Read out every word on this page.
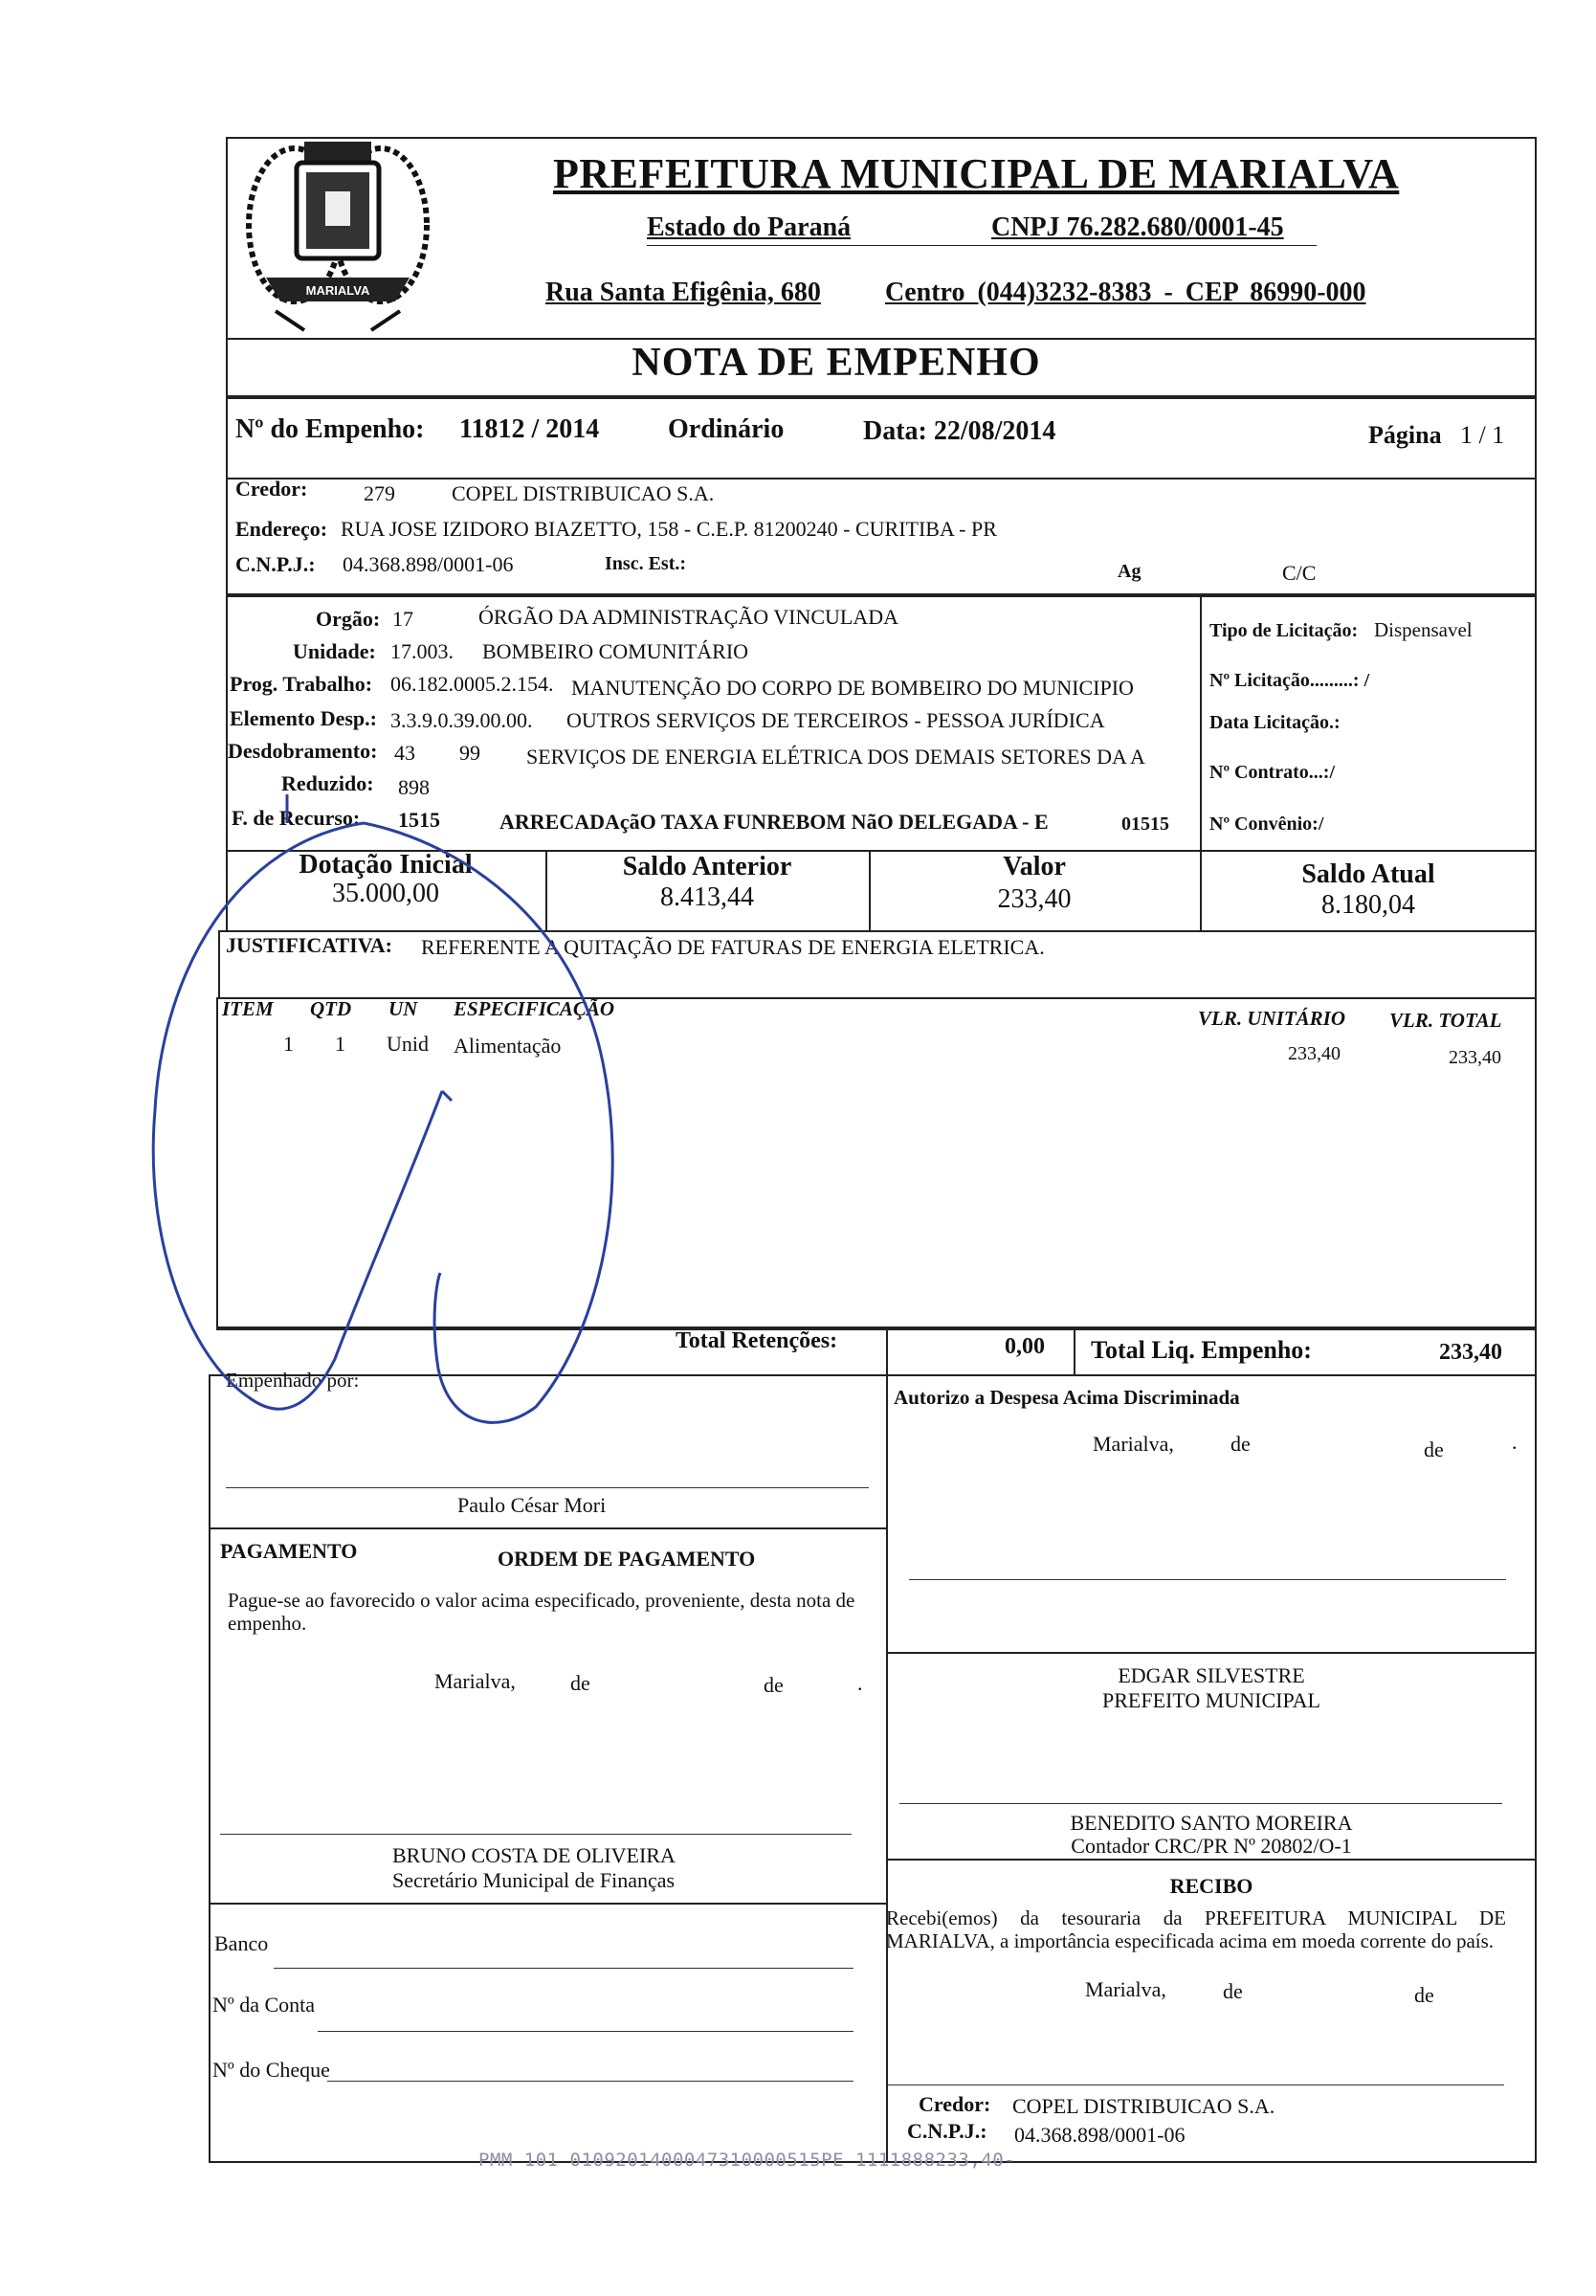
MARIALVA
PREFEITURA MUNICIPAL DE MARIALVA
Estado do Paraná	CNPJ 76.282.680/0001-45
Rua Santa Efigênia, 680 Centro (044)3232-8383 - CEP 86990-000
NOTA DE EMPENHO
Nº do Empenho: 11812 / 2014	Ordinário	Data: 22/08/2014	Página 1 / 1
Credor:	279	COPEL DISTRIBUICAO S.A.
Endereço: RUA JOSE IZIDORO BIAZETTO, 158 - C.E.P. 81200240 - CURITIBA - PR
C.N.P.J.: 04.368.898/0001-06	Insc. Est.:	Ag	C/C
Orgão: 17	ÓRGÃO DA ADMINISTRAÇÃO VINCULADA
Unidade: 17.003. BOMBEIRO COMUNITÁRIO
Prog. Trabalho: 06.182.0005.2.154. MANUTENÇÃO DO CORPO DE BOMBEIRO DO MUNICIPIO
Elemento Desp.: 3.3.9.0.39.00.00. OUTROS SERVIÇOS DE TERCEIROS - PESSOA JURÍDICA
Desdobramento: 43 99 SERVIÇOS DE ENERGIA ELÉTRICA DOS DEMAIS SETORES DA A
Reduzido: 898
F. de Recurso: 1515	ARRECADAçãO TAXA FUNREBOM NãO DELEGADA - E	01515
Tipo de Licitação: Dispensavel
Nº Licitação.........: /
Data Licitação.:
Nº Contrato...:/
Nº Convênio:/
Dotação Inicial
35.000,00
Saldo Anterior
8.413,44
Valor
233,40
Saldo Atual
8.180,04
JUSTIFICATIVA: REFERENTE A QUITAÇÃO DE FATURAS DE ENERGIA ELETRICA.
ITEM QTD UN ESPECIFICAÇÃO	VLR. UNITÁRIO VLR. TOTAL
1 1 Unid Alimentação	233,40	233,40
Total Retenções:	0,00 Total Liq. Empenho:	233,40
Empenhado por:
Paulo César Mori
PAGAMENTO	ORDEM DE PAGAMENTO
Pague-se ao favorecido o valor acima especificado, proveniente, desta nota de empenho.
Marialva,	de	de	.
BRUNO COSTA DE OLIVEIRA
Secretário Municipal de Finanças
Banco
Nº da Conta
Nº do Cheque
Autorizo a Despesa Acima Discriminada
Marialva,	de	de	.
EDGAR SILVESTRE
PREFEITO MUNICIPAL
BENEDITO SANTO MOREIRA
Contador CRC/PR Nº 20802/O-1
RECIBO
Recebi(emos) da tesouraria da PREFEITURA MUNICIPAL DE MARIALVA, a importância especificada acima em moeda corrente do país.
Marialva,	de	de
Credor: COPEL DISTRIBUICAO S.A.
C.N.P.J.: 04.368.898/0001-06
PMM 101 0109201400047310000515PE 1111888233,40-
